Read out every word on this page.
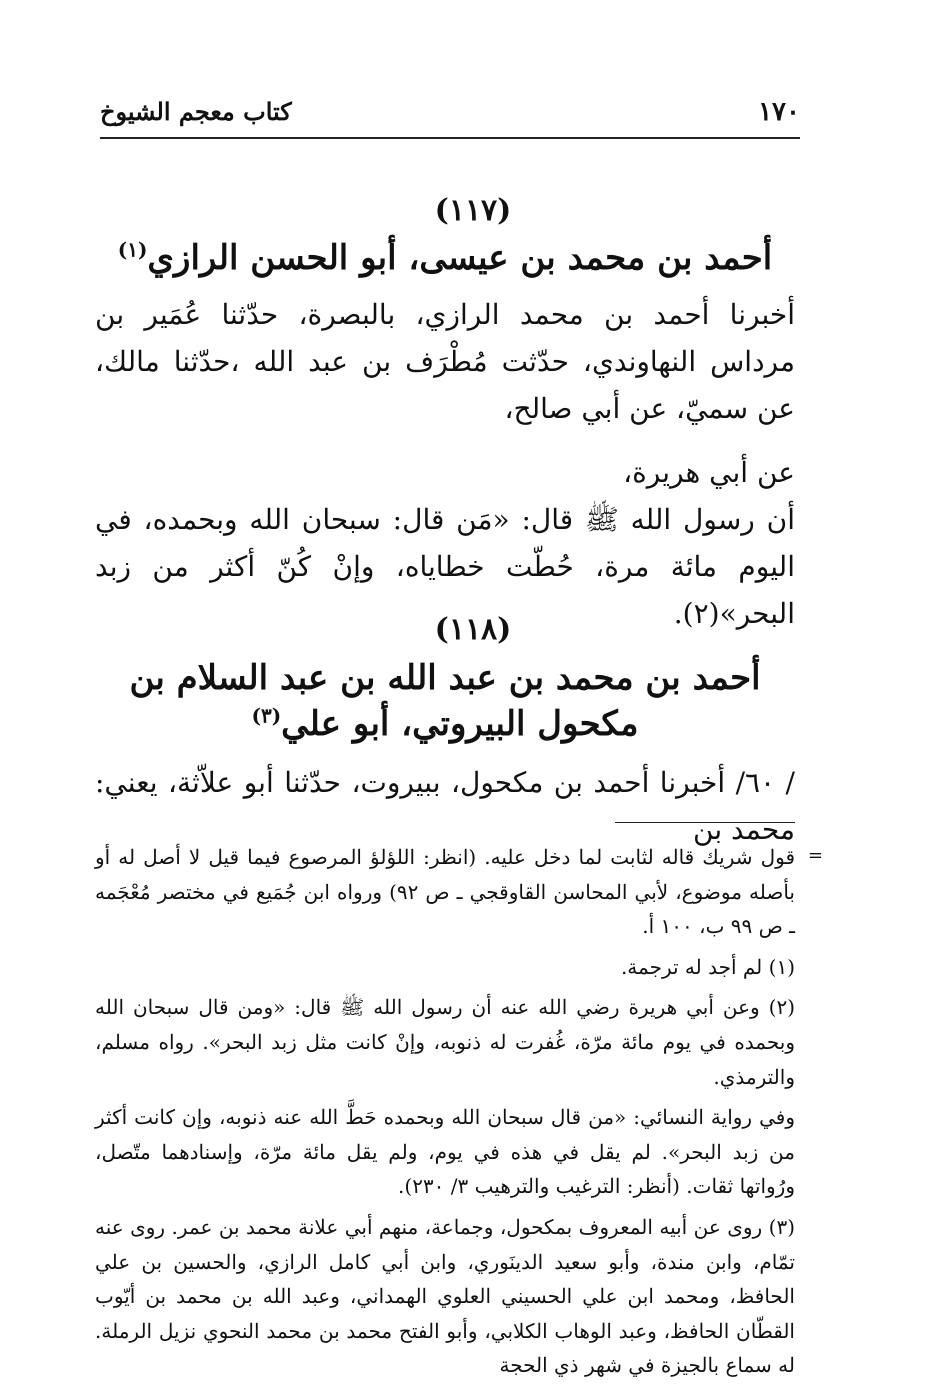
١٧٠
كتاب معجم الشيوخ
(١١٧)
أحمد بن محمد بن عيسى، أبو الحسن الرازي$^{(١)}$

أخبرنا أحمد بن محمد الرازي، بالبصرة، حدّثنا عُمَير بن مرداس النهاوندي، حدّثت مُطْرَف بن عبد الله ،حدّثنا مالك، عن سميّ، عن أبي صالح،

عن أبي هريرة،

أن رسول الله ﷺ قال: «مَن قال: سبحان الله وبحمده، في اليوم مائة مرة، حُطّت خطاياه، وإنْ كُنّ أكثر من زبد البحر»(٢).

(١١٨)
أحمد بن محمد بن عبد الله بن عبد السلام بن مكحول البيروتي، أبو علي$^{(٣)}$

/ ٦٠/ أخبرنا أحمد بن مكحول، ببيروت، حدّثنا أبو علاّثة، يعني: محمد بن

=
قول شريك قاله لثابت لما دخل عليه. (انظر: اللؤلؤ المرصوع فيما قيل لا أصل له أو بأصله موضوع، لأبي المحاسن القاوقجي ـ ص ٩٢) ورواه ابن جُمَيع في مختصر مُعْجَمه ـ ص ٩٩ ب، ١٠٠ أ.

(١) لم أجد له ترجمة.

(٢) وعن أبي هريرة رضي الله عنه أن رسول الله ﷺ قال: «ومن قال سبحان الله وبحمده في يوم مائة مرّة، غُفرت له ذنوبه، وإنْ كانت مثل زبد البحر». رواه مسلم، والترمذي.

وفي رواية النسائي: «من قال سبحان الله وبحمده حَطَّ الله عنه ذنوبه، وإن كانت أكثر من زبد البحر». لم يقل في هذه في يوم، ولم يقل مائة مرّة، وإسنادهما متّصل، ورُواتها ثقات. (أنظر: الترغيب والترهيب ٣/ ٢٣٠).

(٣) روى عن أبيه المعروف بمكحول، وجماعة، منهم أبي علانة محمد بن عمر. روى عنه تمّام، وابن مندة، وأبو سعيد الدينَوري، وابن أبي كامل الرازي، والحسين بن علي الحافظ، ومحمد ابن علي الحسيني العلوي الهمداني، وعبد الله بن محمد بن أيّوب القطّان الحافظ، وعبد الوهاب الكلابي، وأبو الفتح محمد بن محمد النحوي نزيل الرملة. له سماع بالجيزة في شهر ذي الحجة
